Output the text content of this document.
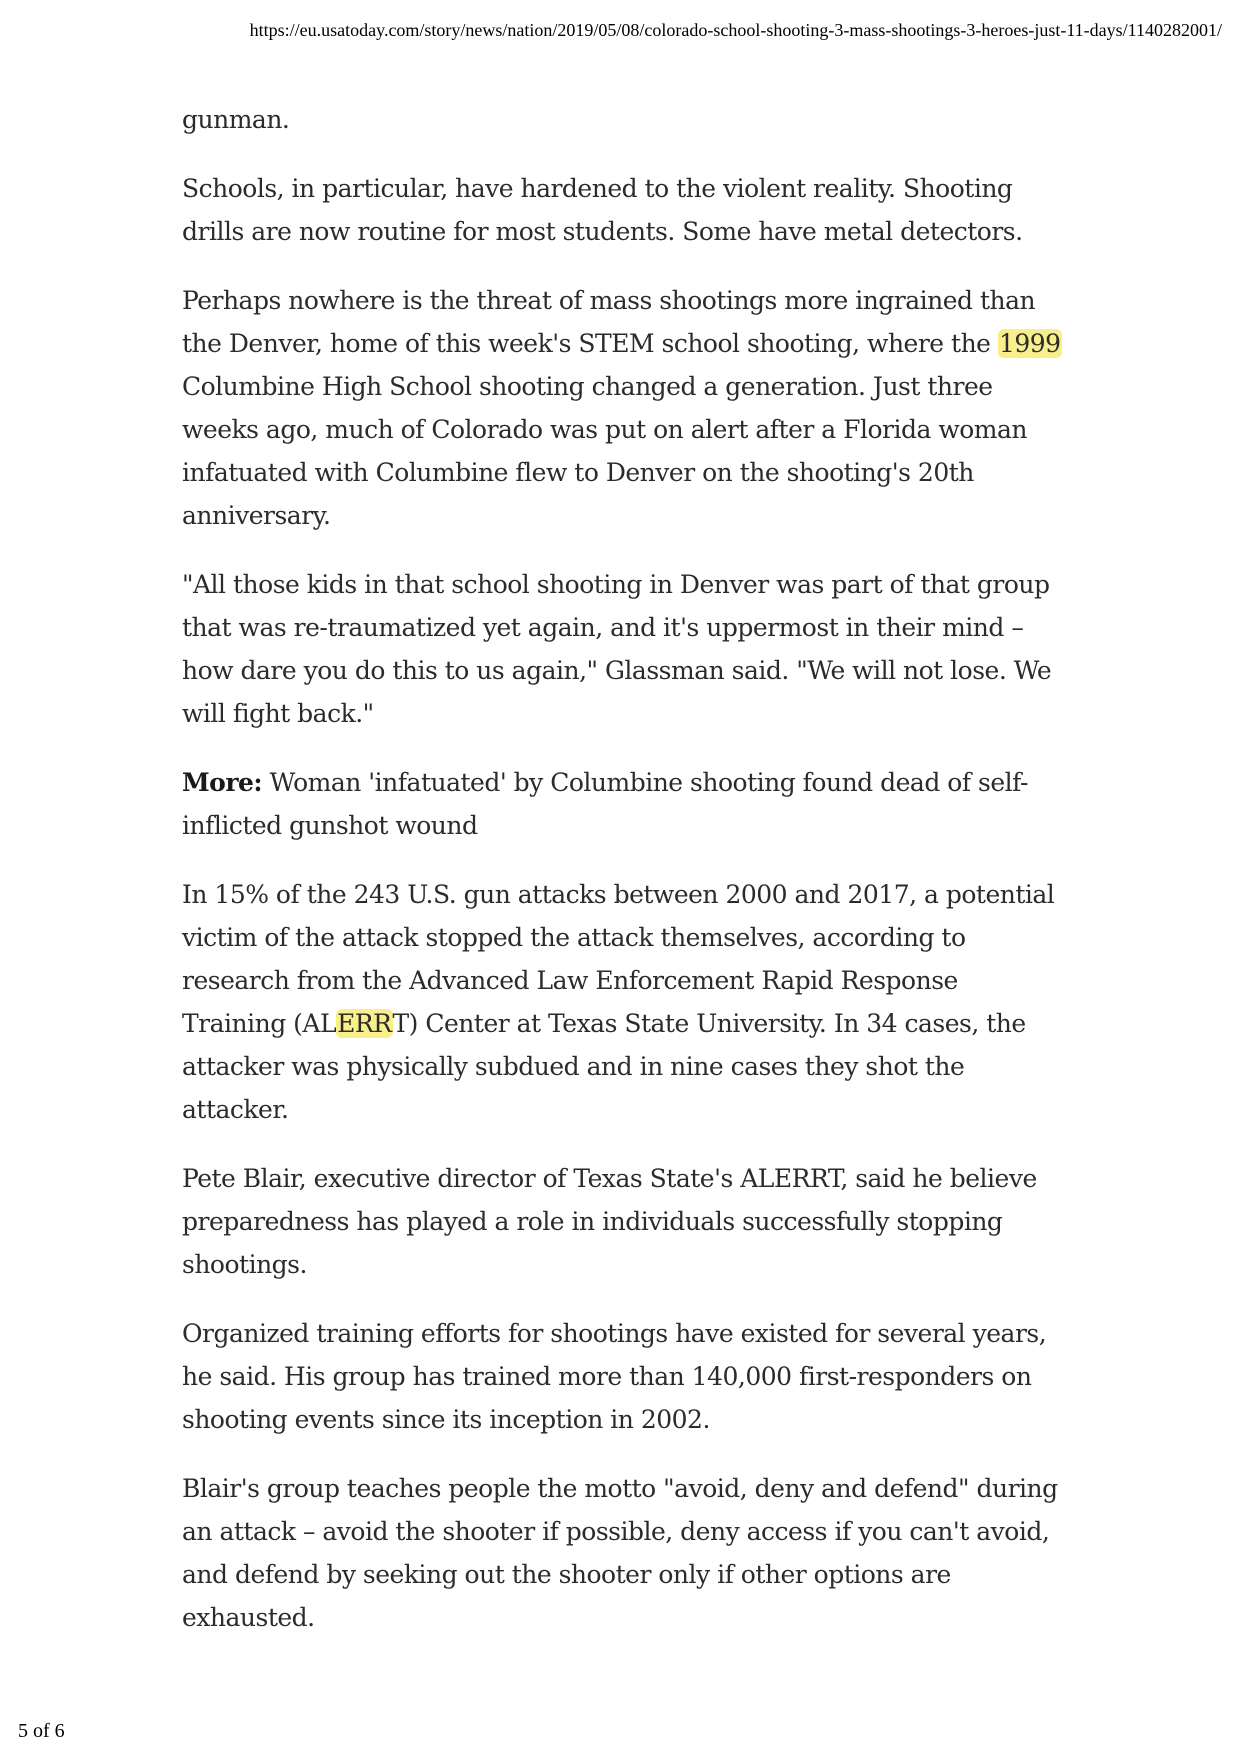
https://eu.usatoday.com/story/news/nation/2019/05/08/colorado-school-shooting-3-mass-shootings-3-heroes-just-11-days/1140282001/

gunman.

Schools, in particular, have hardened to the violent reality. Shooting drills are now routine for most students. Some have metal detectors.

Perhaps nowhere is the threat of mass shootings more ingrained than the Denver, home of this week's STEM school shooting, where the 1999 Columbine High School shooting changed a generation. Just three weeks ago, much of Colorado was put on alert after a Florida woman infatuated with Columbine flew to Denver on the shooting's 20th anniversary.

"All those kids in that school shooting in Denver was part of that group that was re-traumatized yet again, and it's uppermost in their mind – how dare you do this to us again," Glassman said. "We will not lose. We will fight back."

More: Woman 'infatuated' by Columbine shooting found dead of self-inflicted gunshot wound

In 15% of the 243 U.S. gun attacks between 2000 and 2017, a potential victim of the attack stopped the attack themselves, according to research from the Advanced Law Enforcement Rapid Response Training (ALERRT) Center at Texas State University. In 34 cases, the attacker was physically subdued and in nine cases they shot the attacker.

Pete Blair, executive director of Texas State's ALERRT, said he believe preparedness has played a role in individuals successfully stopping shootings.

Organized training efforts for shootings have existed for several years, he said. His group has trained more than 140,000 first-responders on shooting events since its inception in 2002.

Blair's group teaches people the motto "avoid, deny and defend" during an attack – avoid the shooter if possible, deny access if you can't avoid, and defend by seeking out the shooter only if other options are exhausted.

5 of 6
